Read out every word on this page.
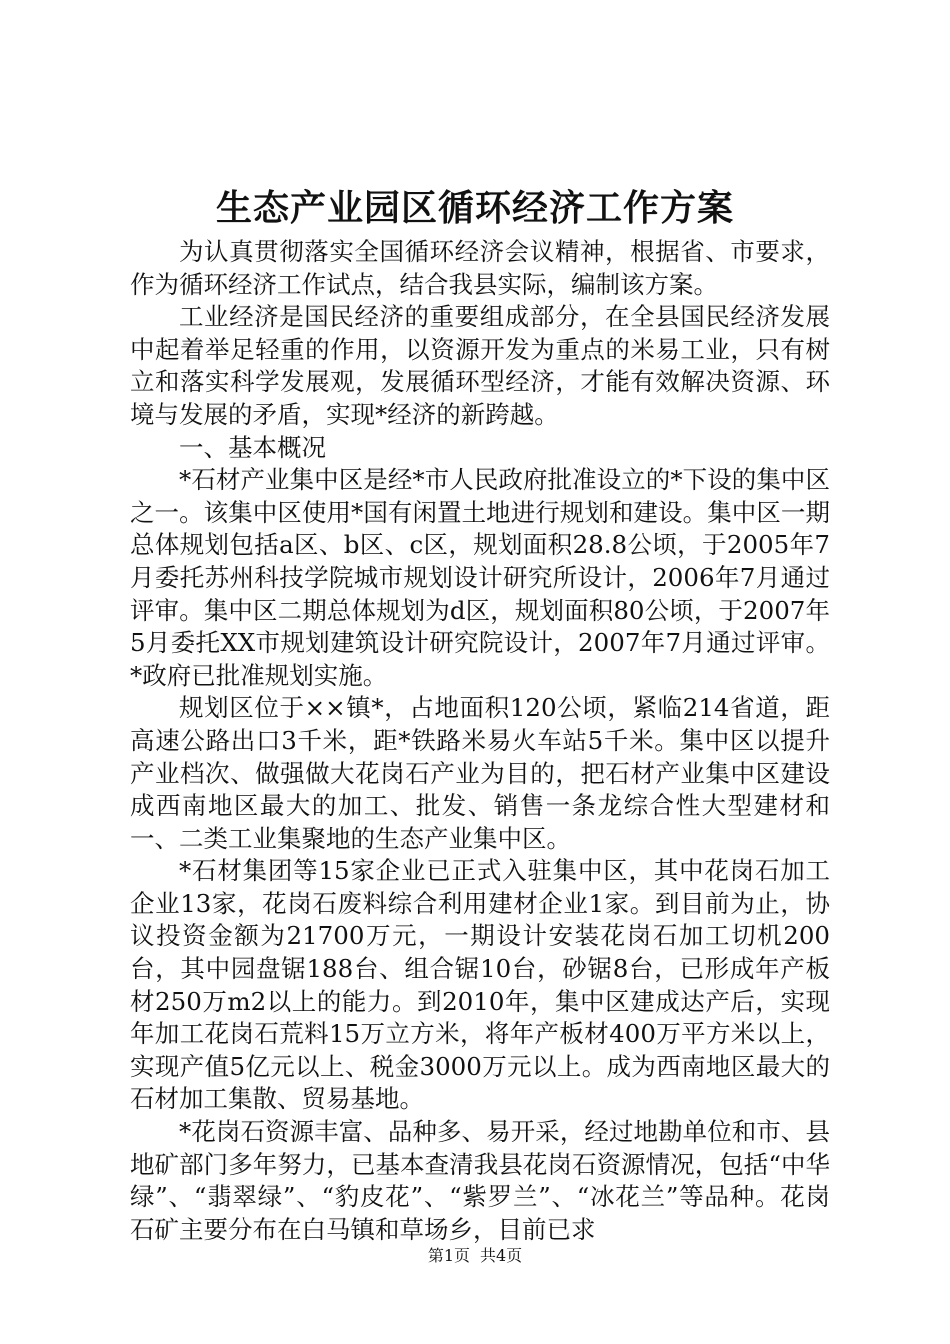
生态产业园区循环经济工作方案

为认真贯彻落实全国循环经济会议精神，根据省、市要求，作为循环经济工作试点，结合我县实际，编制该方案。

工业经济是国民经济的重要组成部分，在全县国民经济发展中起着举足轻重的作用，以资源开发为重点的米易工业，只有树立和落实科学发展观，发展循环型经济，才能有效解决资源、环境与发展的矛盾，实现*经济的新跨越。

一、基本概况

*石材产业集中区是经*市人民政府批准设立的*下设的集中区之一。该集中区使用*国有闲置土地进行规划和建设。集中区一期总体规划包括a区、b区、c区，规划面积28.8公顷，于2005年7月委托苏州科技学院城市规划设计研究所设计，2006年7月通过评审。集中区二期总体规划为d区，规划面积80公顷，于2007年5月委托XX市规划建筑设计研究院设计，2007年7月通过评审。*政府已批准规划实施。

规划区位于××镇*，占地面积120公顷，紧临214省道，距高速公路出口3千米，距*铁路米易火车站5千米。集中区以提升产业档次、做强做大花岗石产业为目的，把石材产业集中区建设成西南地区最大的加工、批发、销售一条龙综合性大型建材和一、二类工业集聚地的生态产业集中区。

*石材集团等15家企业已正式入驻集中区，其中花岗石加工企业13家，花岗石废料综合利用建材企业1家。到目前为止，协议投资金额为21700万元，一期设计安装花岗石加工切机200台，其中园盘锯188台、组合锯10台，砂锯8台，已形成年产板材250万m2以上的能力。到2010年，集中区建成达产后，实现年加工花岗石荒料15万立方米，将年产板材400万平方米以上，实现产值5亿元以上、税金3000万元以上。成为西南地区最大的石材加工集散、贸易基地。

*花岗石资源丰富、品种多、易开采，经过地勘单位和市、县地矿部门多年努力，已基本查清我县花岗石资源情况，包括“中华绿”、“翡翠绿”、“豹皮花”、“紫罗兰”、“冰花兰”等品种。花岗石矿主要分布在白马镇和草场乡，目前已求

第1页 共4页
